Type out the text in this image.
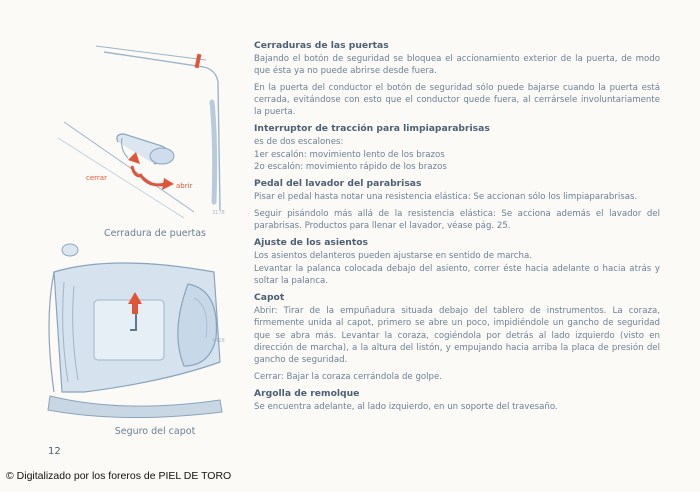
cerrar
abrir
3178
Cerradura de puertas
4418
Seguro del capot
Cerraduras de las puertas

Bajando el botón de seguridad se bloquea el accionamiento exterior de la puerta, de modo que ésta ya no puede abrirse desde fuera.

En la puerta del conductor el botón de seguridad sólo puede bajarse cuando la puerta está cerrada, evitándose con esto que el conductor quede fuera, al cerrársele involuntariamente la puerta.

Interruptor de tracción para limpiaparabrisas

es de dos escalones:

1er escalón: movimiento lento de los brazos

2o escalón: movimiento rápido de los brazos

Pedal del lavador del parabrisas

Pisar el pedal hasta notar una resistencia elástica: Se accionan sólo los limpiaparabrisas.

Seguir pisándolo más allá de la resistencia elástica: Se acciona además el lavador del parabrisas. Productos para llenar el lavador, véase pág. 25.

Ajuste de los asientos

Los asientos delanteros pueden ajustarse en sentido de marcha.

Levantar la palanca colocada debajo del asiento, correr éste hacia adelante o hacia atrás y soltar la palanca.

Capot

Abrir: Tirar de la empuñadura situada debajo del tablero de instrumentos. La coraza, firmemente unida al capot, primero se abre un poco, impidiéndole un gancho de seguridad que se abra más. Levantar la coraza, cogiéndola por detrás al lado izquierdo (visto en dirección de marcha), a la altura del listón, y empujando hacia arriba la placa de presión del gancho de seguridad.

Cerrar: Bajar la coraza cerrándola de golpe.

Argolla de remolque

Se encuentra adelante, al lado izquierdo, en un soporte del travesaño.

12
© Digitalizado por los foreros de PIEL DE TORO
